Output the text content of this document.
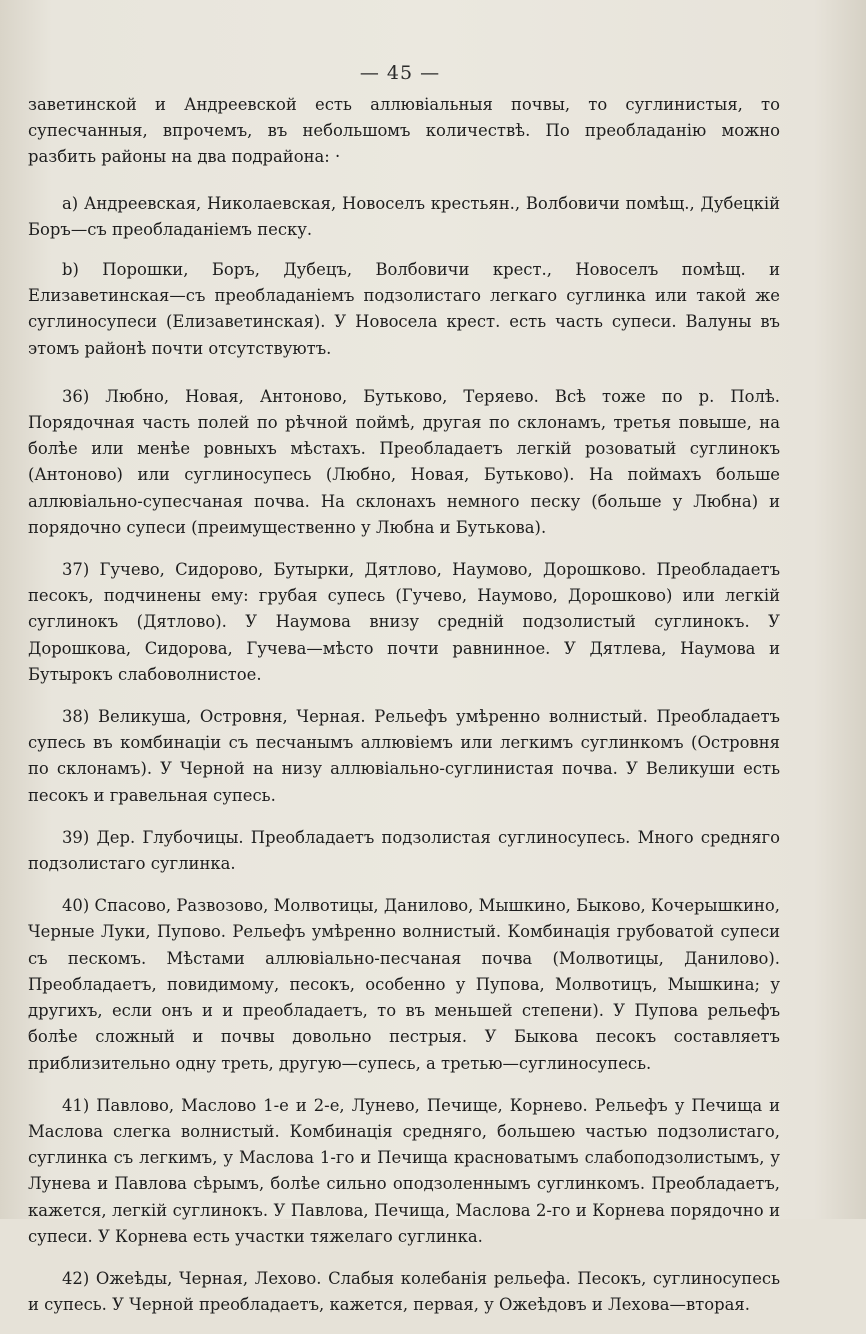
— 45 —

заветинской и Андреевской есть аллювіальныя почвы, то суглинистыя, то супесчанныя, впрочемъ, въ небольшомъ количествѣ. По преобладанію можно разбить районы на два подрайона: ·

а) Андреевская, Николаевская, Новоселъ крестьян., Волбовичи помѣщ., Дубецкій Боръ—съ преобладаніемъ песку.

b) Порошки, Боръ, Дубецъ, Волбовичи крест., Новоселъ помѣщ. и Елизаветинская—съ преобладаніемъ подзолистаго легкаго суглинка или такой же суглиносупеси (Елизаветинская). У Новосела крест. есть часть супеси. Валуны въ этомъ районѣ почти отсутствуютъ.

36) Любно, Новая, Антоново, Бутьково, Теряево. Всѣ тоже по р. Полѣ. Порядочная часть полей по рѣчной поймѣ, другая по склонамъ, третья повыше, на болѣе или менѣе ровныхъ мѣстахъ. Преобладаетъ легкій розоватый суглинокъ (Антоново) или суглиносупесь (Любно, Новая, Бутьково). На поймахъ больше аллювіально-супесчаная почва. На склонахъ немного песку (больше у Любна) и порядочно супеси (преимущественно у Любна и Бутькова).

37) Гучево, Сидорово, Бутырки, Дятлово, Наумово, Дорошково. Преобладаетъ песокъ, подчинены ему: грубая супесь (Гучево, Наумово, Дорошково) или легкій суглинокъ (Дятлово). У Наумова внизу средній подзолистый суглинокъ. У Дорошкова, Сидорова, Гучева—мѣсто почти равнинное. У Дятлева, Наумова и Бутырокъ слабоволнистое.

38) Великуша, Островня, Черная. Рельефъ умѣренно волнистый. Преобладаетъ супесь въ комбинаціи съ песчанымъ аллювіемъ или легкимъ суглинкомъ (Островня по склонамъ). У Черной на низу аллювіально-суглинистая почва. У Великуши есть песокъ и гравельная супесь.

39) Дер. Глубочицы. Преобладаетъ подзолистая суглиносупесь. Много средняго подзолистаго суглинка.

40) Спасово, Развозово, Молвотицы, Данилово, Мышкино, Быково, Кочерышкино, Черные Луки, Пупово. Рельефъ умѣренно волнистый. Комбинація грубоватой супеси съ пескомъ. Мѣстами аллювіально-песчаная почва (Молвотицы, Данилово). Преобладаетъ, повидимому, песокъ, особенно у Пупова, Молвотицъ, Мышкина; у другихъ, если онъ и и преобладаетъ, то въ меньшей степени). У Пупова рельефъ болѣе сложный и почвы довольно пестрыя. У Быкова песокъ составляетъ приблизительно одну треть, другую—супесь, а третью—суглиносупесь.

41) Павлово, Маслово 1-е и 2-е, Лунево, Печище, Корнево. Рельефъ у Печища и Маслова слегка волнистый. Комбинація средняго, большею частью подзолистаго, суглинка съ легкимъ, у Маслова 1-го и Печища красноватымъ слабоподзолистымъ, у Лунева и Павлова сѣрымъ, болѣе сильно оподзоленнымъ суглинкомъ. Преобладаетъ, кажется, легкій суглинокъ. У Павлова, Печища, Маслова 2-го и Корнева порядочно и супеси. У Корнева есть участки тяжелаго суглинка.

42) Ожеѣды, Черная, Лехово. Слабыя колебанія рельефа. Песокъ, суглиносупесь и супесь. У Черной преобладаетъ, кажется, первая, у Ожеѣдовъ и Лехова—вторая.
